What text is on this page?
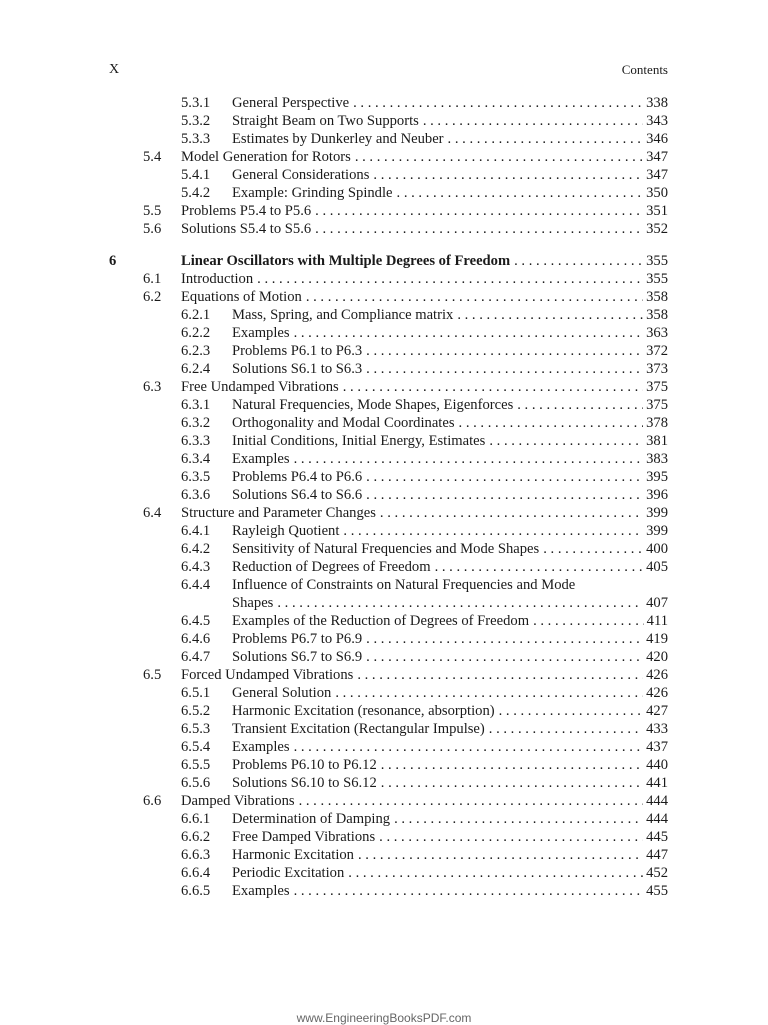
X	Contents
5.3.1 General Perspective . . .	338
5.3.2 Straight Beam on Two Supports . . .	343
5.3.3 Estimates by Dunkerley and Neuber . . .	346
5.4 Model Generation for Rotors . . .	347
5.4.1 General Considerations . . .	347
5.4.2 Example: Grinding Spindle . . .	350
5.5 Problems P5.4 to P5.6 . . .	351
5.6 Solutions S5.4 to S5.6 . . .	352
6	Linear Oscillators with Multiple Degrees of Freedom . . .	355
6.1 Introduction . . .	355
6.2 Equations of Motion . . .	358
6.2.1 Mass, Spring, and Compliance matrix . . .	358
6.2.2 Examples . . .	363
6.2.3 Problems P6.1 to P6.3 . . .	372
6.2.4 Solutions S6.1 to S6.3 . . .	373
6.3 Free Undamped Vibrations . . .	375
6.3.1 Natural Frequencies, Mode Shapes, Eigenforces . . .	375
6.3.2 Orthogonality and Modal Coordinates . . .	378
6.3.3 Initial Conditions, Initial Energy, Estimates . . .	381
6.3.4 Examples . . .	383
6.3.5 Problems P6.4 to P6.6 . . .	395
6.3.6 Solutions S6.4 to S6.6 . . .	396
6.4 Structure and Parameter Changes . . .	399
6.4.1 Rayleigh Quotient . . .	399
6.4.2 Sensitivity of Natural Frequencies and Mode Shapes . . .	400
6.4.3 Reduction of Degrees of Freedom . . .	405
6.4.4 Influence of Constraints on Natural Frequencies and Mode
Shapes . . .	407
6.4.5 Examples of the Reduction of Degrees of Freedom . . .	411
6.4.6 Problems P6.7 to P6.9 . . .	419
6.4.7 Solutions S6.7 to S6.9 . . .	420
6.5 Forced Undamped Vibrations . . .	426
6.5.1 General Solution . . .	426
6.5.2 Harmonic Excitation (resonance, absorption) . . .	427
6.5.3 Transient Excitation (Rectangular Impulse) . . .	433
6.5.4 Examples . . .	437
6.5.5 Problems P6.10 to P6.12 . . .	440
6.5.6 Solutions S6.10 to S6.12 . . .	441
6.6 Damped Vibrations . . .	444
6.6.1 Determination of Damping . . .	444
6.6.2 Free Damped Vibrations . . .	445
6.6.3 Harmonic Excitation . . .	447
6.6.4 Periodic Excitation . . .	452
6.6.5 Examples . . .	455
www.EngineeringBooksPDF.com
